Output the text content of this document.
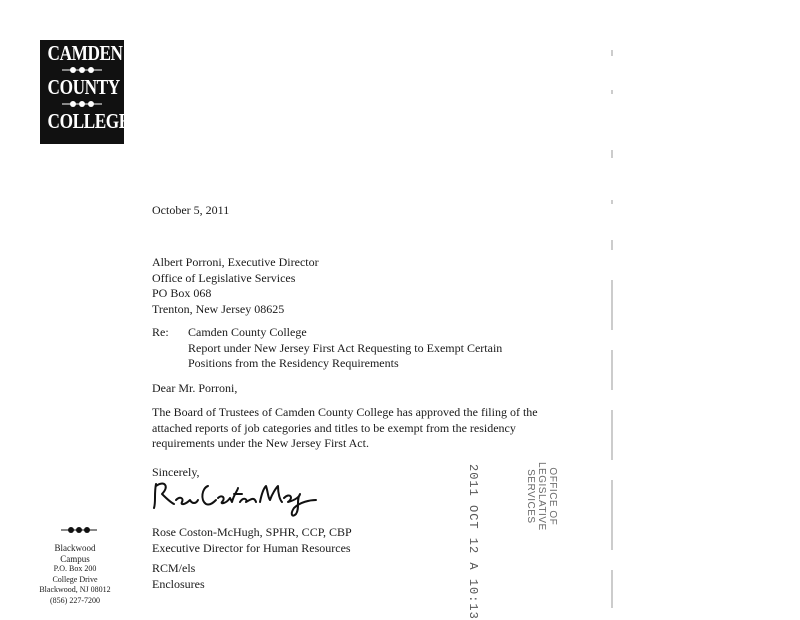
CAMDEN
COUNTY
COLLEGE
October 5, 2011
Albert Porroni, Executive Director
Office of Legislative Services
PO Box 068
Trenton, New Jersey 08625
Re: Camden County College
Report under New Jersey First Act Requesting to Exempt Certain
Positions from the Residency Requirements
Dear Mr. Porroni,
The Board of Trustees of Camden County College has approved the filing of the
attached reports of job categories and titles to be exempt from the residency
requirements under the New Jersey First Act.
Sincerely,
Rose Coston-McHugh, SPHR, CCP, CBP
Executive Director for Human Resources
RCM/els
Enclosures
Blackwood
Campus
P.O. Box 200
College Drive
Blackwood, NJ 08012
(856) 227-7200	2011 OCT 12 A 10:13	OFFICE OF
LEGISLATIVE
SERVICES
